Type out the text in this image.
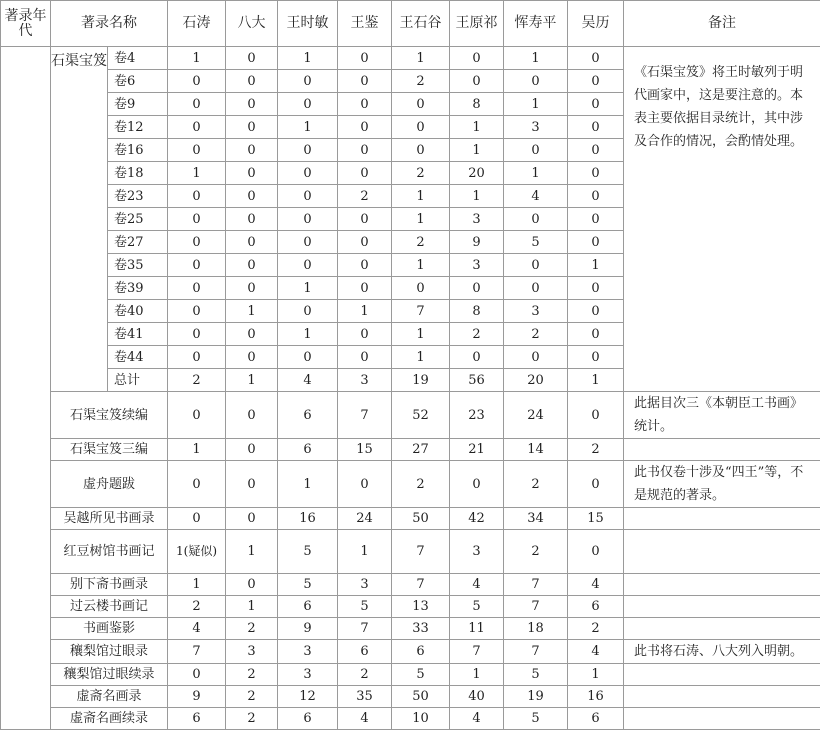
著录年代	著录名称		石涛	八大	王时敏	王鉴	王石谷	王原祁	恽寿平	吴历	备注
	石渠宝笈	卷4	1	0	1	0	1	0	1	0	《石渠宝笈》将王时敏列于明代画家中，这是要注意的。本表主要依据目录统计，其中涉及合作的情况，会酌情处理。
		卷6	0	0	0	0	2	0	0	0	
		卷9	0	0	0	0	0	8	1	0	
		卷12	0	0	1	0	0	1	3	0	
		卷16	0	0	0	0	0	1	0	0	
		卷18	1	0	0	0	2	20	1	0	
		卷23	0	0	0	2	1	1	4	0	
		卷25	0	0	0	0	1	3	0	0	
		卷27	0	0	0	0	2	9	5	0	
		卷35	0	0	0	0	1	3	0	1	
		卷39	0	0	1	0	0	0	0	0	
		卷40	0	1	0	1	7	8	3	0	
		卷41	0	0	1	0	1	2	2	0	
		卷44	0	0	0	0	1	0	0	0	
		总计	2	1	4	3	19	56	20	1	
	石渠宝笈续编		0	0	6	7	52	23	24	0	此据目次三《本朝臣工书画》统计。
	石渠宝笈三编		1	0	6	15	27	21	14	2	
	虚舟题跋		0	0	1	0	2	0	2	0	此书仅卷十涉及“四王”等，不是规范的著录。
	吴越所见书画录		0	0	16	24	50	42	34	15	
	红豆树馆书画记		1(疑似)	1	5	1	7	3	2	0	
	别下斋书画录		1	0	5	3	7	4	7	4	
	过云楼书画记		2	1	6	5	13	5	7	6	
	书画鉴影		4	2	9	7	33	11	18	2	
	穰梨馆过眼录		7	3	3	6	6	7	7	4	此书将石涛、八大列入明朝。
	穰梨馆过眼续录		0	2	3	2	5	1	5	1	
	虚斋名画录		9	2	12	35	50	40	19	16	
	虚斋名画续录		6	2	6	4	10	4	5	6	
